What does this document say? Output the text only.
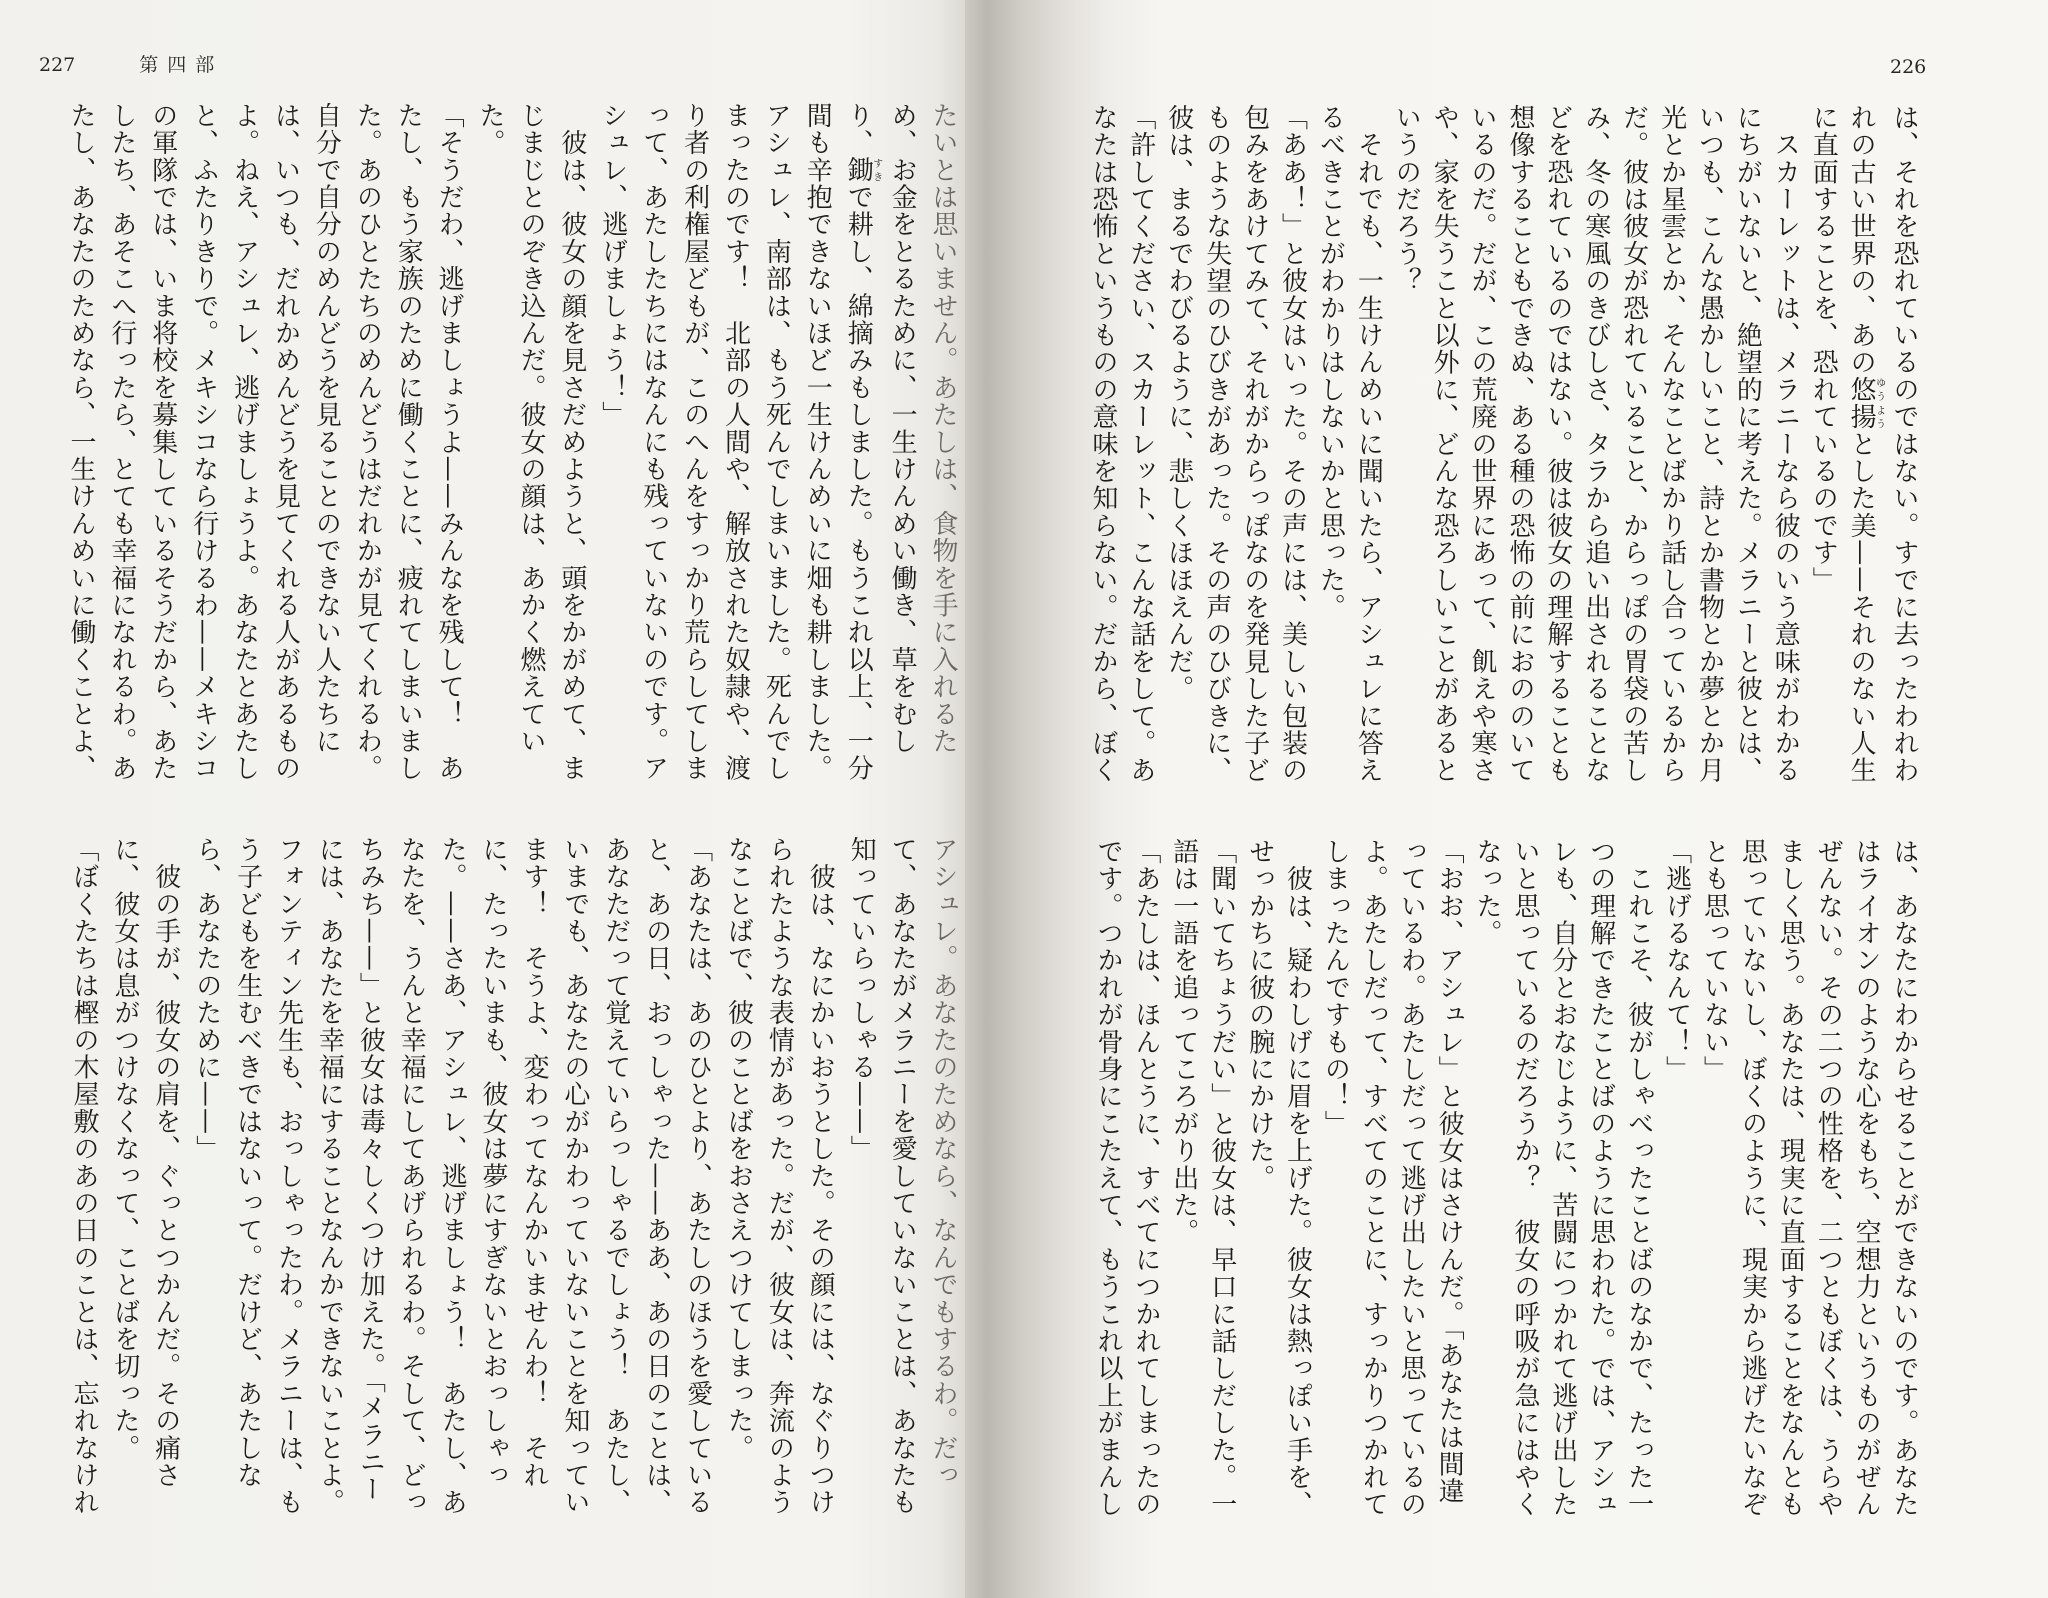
227	第四部
たいとは思いません。あたしは、食物を手に入れるた
め、お金をとるために、一生けんめい働き、草をむし
り、鋤すきで耕し、綿摘みもしました。もうこれ以上、一分
間も辛抱できないほど一生けんめいに畑も耕しました。
アシュレ、南部は、もう死んでしまいました。死んでし
まったのです！　北部の人間や、解放された奴隷や、渡
り者の利権屋どもが、このへんをすっかり荒らしてしま
って、あたしたちにはなんにも残っていないのです。ア
シュレ、逃げましょう！」
　彼は、彼女の顔を見さだめようと、頭をかがめて、ま
じまじとのぞき込んだ。彼女の顔は、あかく燃えてい
た。
「そうだわ、逃げましょうよ——みんなを残して！　あ
たし、もう家族のために働くことに、疲れてしまいまし
た。あのひとたちのめんどうはだれかが見てくれるわ。
自分で自分のめんどうを見ることのできない人たちに
は、いつも、だれかめんどうを見てくれる人があるもの
よ。ねえ、アシュレ、逃げましょうよ。あなたとあたし
と、ふたりきりで。メキシコなら行けるわ——メキシコ
の軍隊では、いま将校を募集しているそうだから、あた
したち、あそこへ行ったら、とても幸福になれるわ。あ
たし、あなたのためなら、一生けんめいに働くことよ、
アシュレ。あなたのためなら、なんでもするわ。だっ
て、あなたがメラニーを愛していないことは、あなたも
知っていらっしゃる——」
　彼は、なにかいおうとした。その顔には、なぐりつけ
られたような表情があった。だが、彼女は、奔流のよう
なことばで、彼のことばをおさえつけてしまった。
「あなたは、あのひとより、あたしのほうを愛している
と、あの日、おっしゃった——ああ、あの日のことは、
あなただって覚えていらっしゃるでしょう！　あたし、
いまでも、あなたの心がかわっていないことを知ってい
ます！　そうよ、変わってなんかいませんわ！　それ
に、たったいまも、彼女は夢にすぎないとおっしゃっ
た。——さあ、アシュレ、逃げましょう！　あたし、あ
なたを、うんと幸福にしてあげられるわ。そして、どっ
ちみち——」と彼女は毒々しくつけ加えた。「メラニー
には、あなたを幸福にすることなんかできないことよ。
フォンティン先生も、おっしゃったわ。メラニーは、も
う子どもを生むべきではないって。だけど、あたしな
ら、あなたのために——」
　彼の手が、彼女の肩を、ぐっとつかんだ。その痛さ
に、彼女は息がつけなくなって、ことばを切った。
「ぼくたちは樫の木屋敷のあの日のことは、忘れなけれ
226
は、それを恐れているのではない。すでに去ったわれわ
れの古い世界の、あの悠揚ゆうようとした美——それのない人生
に直面することを、恐れているのです」
　スカーレットは、メラニーなら彼のいう意味がわかる
にちがいないと、絶望的に考えた。メラニーと彼とは、
いつも、こんな愚かしいこと、詩とか書物とか夢とか月
光とか星雲とか、そんなことばかり話し合っているから
だ。彼は彼女が恐れていること、からっぽの胃袋の苦し
み、冬の寒風のきびしさ、タラから追い出されることな
どを恐れているのではない。彼は彼女の理解することも
想像することもできぬ、ある種の恐怖の前におののいて
いるのだ。だが、この荒廃の世界にあって、飢えや寒さ
や、家を失うこと以外に、どんな恐ろしいことがあると
いうのだろう？
　それでも、一生けんめいに聞いたら、アシュレに答え
るべきことがわかりはしないかと思った。
「ああ！」と彼女はいった。その声には、美しい包装の
包みをあけてみて、それがからっぽなのを発見した子ど
ものような失望のひびきがあった。その声のひびきに、
彼は、まるでわびるように、悲しくほほえんだ。
「許してください、スカーレット、こんな話をして。あ
なたは恐怖というものの意味を知らない。だから、ぼく
は、あなたにわからせることができないのです。あなた
はライオンのような心をもち、空想力というものがぜん
ぜんない。その二つの性格を、二つともぼくは、うらや
ましく思う。あなたは、現実に直面することをなんとも
思っていないし、ぼくのように、現実から逃げたいなぞ
とも思っていない」
「逃げるなんて！」
　これこそ、彼がしゃべったことばのなかで、たった一
つの理解できたことばのように思われた。では、アシュ
レも、自分とおなじように、苦闘につかれて逃げ出した
いと思っているのだろうか？　彼女の呼吸が急にはやく
なった。
「おお、アシュレ」と彼女はさけんだ。「あなたは間違
っているわ。あたしだって逃げ出したいと思っているの
よ。あたしだって、すべてのことに、すっかりつかれて
しまったんですもの！」
　彼は、疑わしげに眉を上げた。彼女は熱っぽい手を、
せっかちに彼の腕にかけた。
「聞いてちょうだい」と彼女は、早口に話しだした。一
語は一語を追ってころがり出た。
「あたしは、ほんとうに、すべてにつかれてしまったの
です。つかれが骨身にこたえて、もうこれ以上がまんし
